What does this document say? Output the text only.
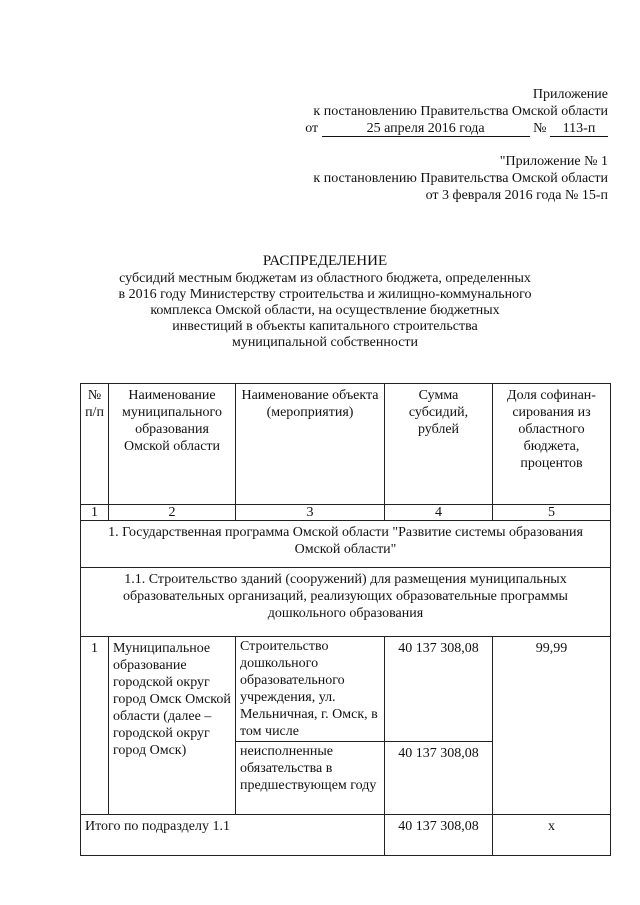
Приложение
к постановлению Правительства Омской области
от	25 апреля 2016 года	№ 113-п
"Приложение № 1
к постановлению Правительства Омской области
от 3 февраля 2016 года № 15-п
РАСПРЕДЕЛЕНИЕ
субсидий местным бюджетам из областного бюджета, определенных
в 2016 году Министерству строительства и жилищно-коммунального
комплекса Омской области, на осуществление бюджетных
инвестиций в объекты капитального строительства
муниципальной собственности
№ п/п	Наименование муниципального образования Омской области	Наименование объекта (мероприятия)	Сумма субсидий, рублей	Доля софинан-сирования из областного бюджета, процентов
1	2	3	4	5
1. Государственная программа Омской области "Развитие системы образования Омской области"				
1.1. Строительство зданий (сооружений) для размещения муниципальных образовательных организаций, реализующих образовательные программы дошкольного образования				
1	Муниципальное образование городской округ город Омск Омской области (далее – городской округ город Омск)	Строительство дошкольного образовательного учреждения, ул. Мельничная, г. Омск, в том числе	40 137 308,08	99,99
		неисполненные обязательства в предшествующем году	40 137 308,08	
Итого по подразделу 1.1			40 137 308,08	х
